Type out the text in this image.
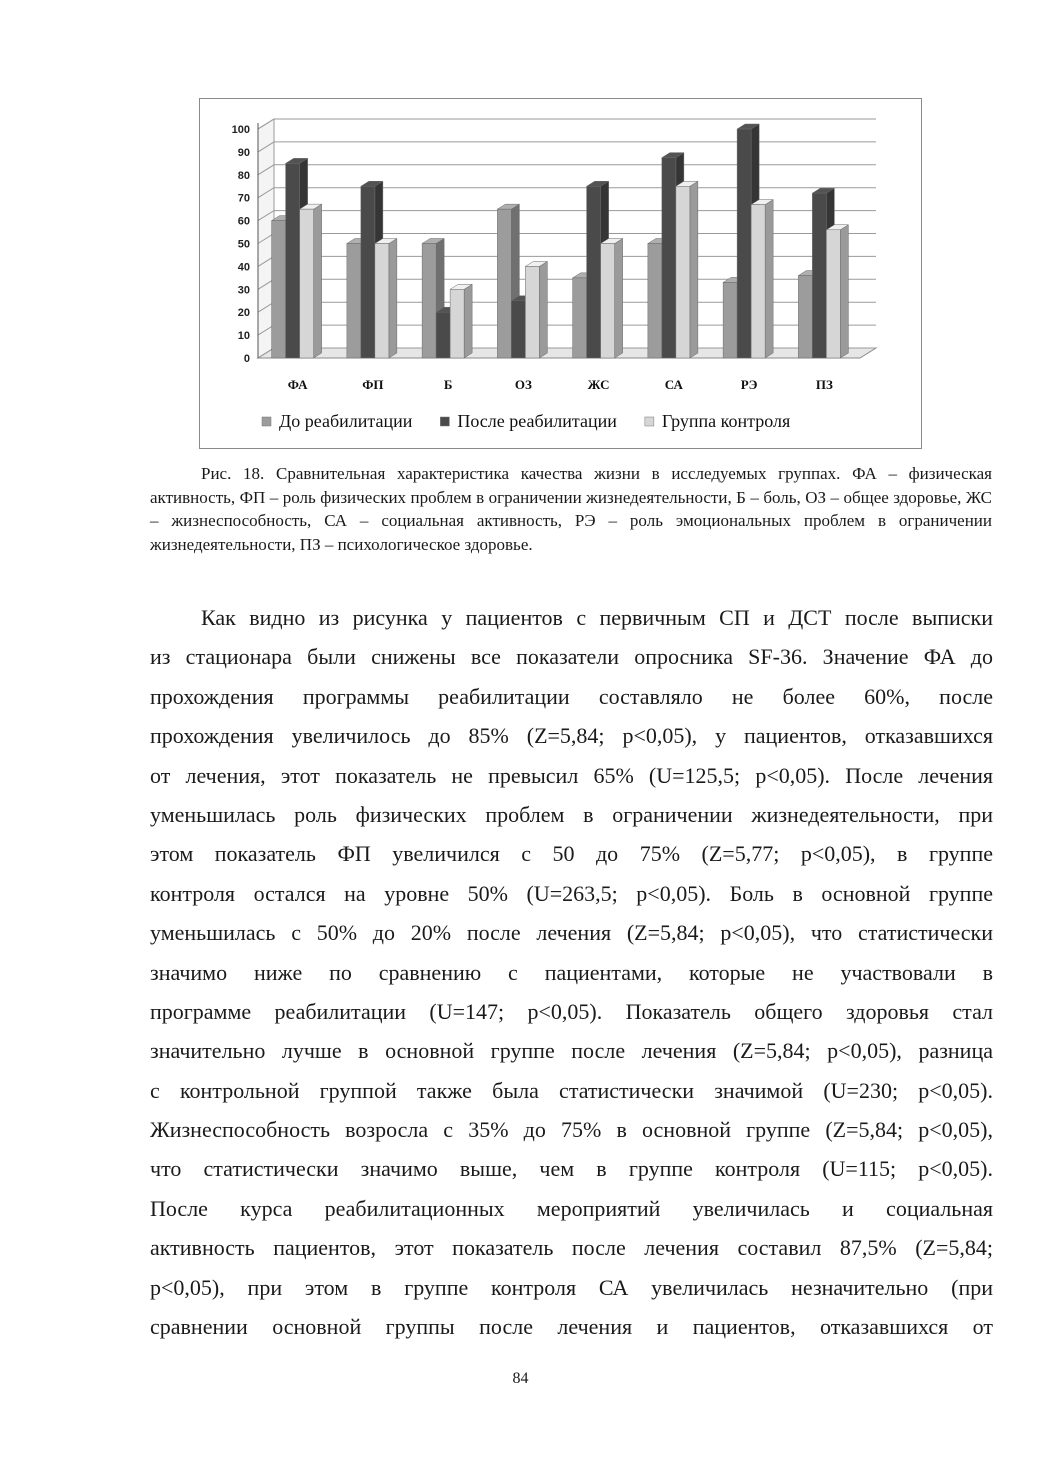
0
10
20
30
40
50
60
70
80
90
100
ФА	ФП	Б	ОЗ	ЖС	СА	РЭ	ПЗ
До реабилитации	После реабилитации	Группа контроля
Рис. 18. Сравнительная характеристика качества жизни в исследуемых группах. ФА – физическая активность, ФП – роль физических проблем в ограничении жизнедеятельности, Б – боль, ОЗ – общее здоровье, ЖС – жизнеспособность, СА – социальная активность, РЭ – роль эмоциональных проблем в ограничении жизнедеятельности, ПЗ – психологическое здоровье.
Как видно из рисунка у пациентов с первичным СП и ДСТ после выписки
из стационара были снижены все показатели опросника SF-36. Значение ФА до
прохождения программы реабилитации составляло не более 60%, после
прохождения увеличилось до 85% (Z=5,84; p<0,05), у пациентов, отказавшихся
от лечения, этот показатель не превысил 65% (U=125,5; p<0,05). После лечения
уменьшилась роль физических проблем в ограничении жизнедеятельности, при
этом показатель ФП увеличился с 50 до 75% (Z=5,77; p<0,05), в группе
контроля остался на уровне 50% (U=263,5; p<0,05). Боль в основной группе
уменьшилась с 50% до 20% после лечения (Z=5,84; p<0,05), что статистически
значимо ниже по сравнению с пациентами, которые не участвовали в
программе реабилитации (U=147; p<0,05). Показатель общего здоровья стал
значительно лучше в основной группе после лечения (Z=5,84; p<0,05), разница
с контрольной группой также была статистически значимой (U=230; p<0,05).
Жизнеспособность возросла с 35% до 75% в основной группе (Z=5,84; p<0,05),
что статистически значимо выше, чем в группе контроля (U=115; p<0,05).
После курса реабилитационных мероприятий увеличилась и социальная
активность пациентов, этот показатель после лечения составил 87,5% (Z=5,84;
p<0,05), при этом в группе контроля СА увеличилась незначительно (при
сравнении основной группы после лечения и пациентов, отказавшихся от
84
